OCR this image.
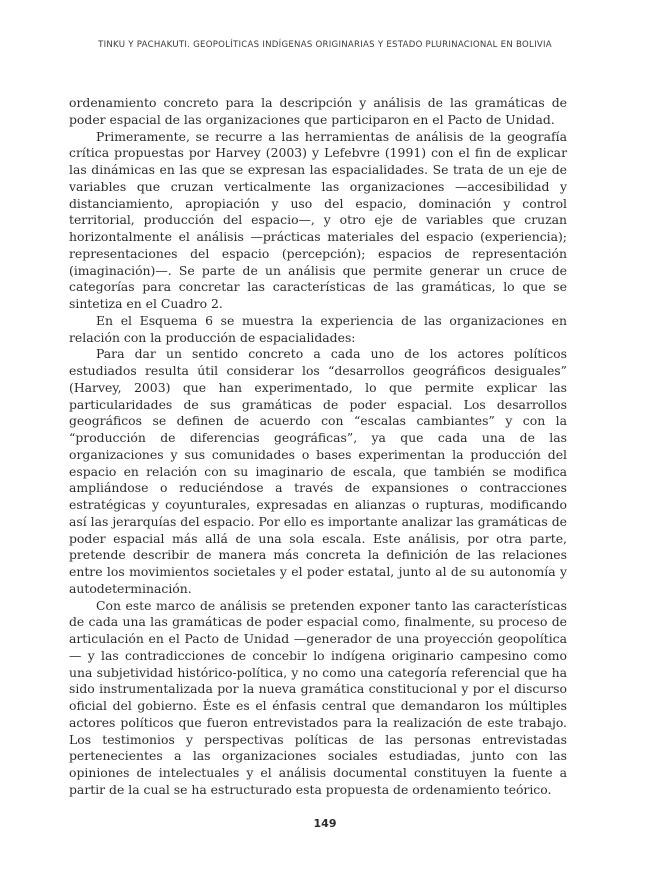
TINKU Y PACHAKUTI. GEOPOLÍTICAS INDÍGENAS ORIGINARIAS Y ESTADO PLURINACIONAL EN BOLIVIA

ordenamiento concreto para la descripción y análisis de las gramáticas de poder espacial de las organizaciones que participaron en el Pacto de Unidad.

Primeramente, se recurre a las herramientas de análisis de la geografía crítica propuestas por Harvey (2003) y Lefebvre (1991) con el fin de explicar las dinámicas en las que se expresan las espacialidades. Se trata de un eje de variables que cruzan verticalmente las organizaciones —accesibilidad y distanciamiento, apropiación y uso del espacio, dominación y control territorial, producción del espacio—, y otro eje de variables que cruzan horizontalmente el análisis —prácticas materiales del espacio (experiencia); representaciones del espacio (percepción); espacios de representación (imaginación)—. Se parte de un análisis que permite generar un cruce de categorías para concretar las características de las gramáticas, lo que se sintetiza en el Cuadro 2.

En el Esquema 6 se muestra la experiencia de las organizaciones en relación con la producción de espacialidades:

Para dar un sentido concreto a cada uno de los actores políticos estudiados resulta útil considerar los “desarrollos geográficos desiguales” (Harvey, 2003) que han experimentado, lo que permite explicar las particularidades de sus gramáticas de poder espacial. Los desarrollos geográficos se definen de acuerdo con “escalas cambiantes” y con la “producción de diferencias geográficas”, ya que cada una de las organizaciones y sus comunidades o bases experimentan la producción del espacio en relación con su imaginario de escala, que también se modifica ampliándose o reduciéndose a través de expansiones o contracciones estratégicas y coyunturales, expresadas en alianzas o rupturas, modificando así las jerarquías del espacio. Por ello es importante analizar las gramáticas de poder espacial más allá de una sola escala. Este análisis, por otra parte, pretende describir de manera más concreta la definición de las relaciones entre los movimientos societales y el poder estatal, junto al de su autonomía y autodeterminación.

Con este marco de análisis se pretenden exponer tanto las características de cada una las gramáticas de poder espacial como, finalmente, su proceso de articulación en el Pacto de Unidad —generador de una proyección geopolítica— y las contradicciones de concebir lo indígena originario campesino como una subjetividad histórico-política, y no como una categoría referencial que ha sido instrumentalizada por la nueva gramática constitucional y por el discurso oficial del gobierno. Éste es el énfasis central que demandaron los múltiples actores políticos que fueron entrevistados para la realización de este trabajo. Los testimonios y perspectivas políticas de las personas entrevistadas pertenecientes a las organizaciones sociales estudiadas, junto con las opiniones de intelectuales y el análisis documental constituyen la fuente a partir de la cual se ha estructurado esta propuesta de ordenamiento teórico.

149
